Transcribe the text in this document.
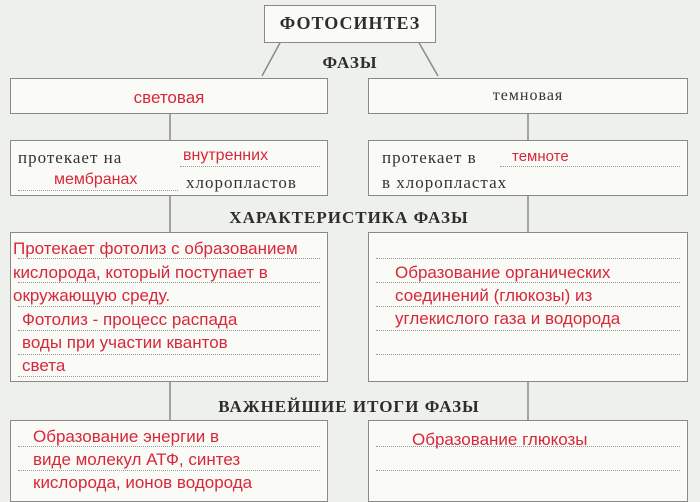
ФОТОСИНТЕЗ
ФАЗЫ
световая	темновая
протекает на	внутренних
мембранах	хлоропластов
протекает в темноте
в хлоропластах
ХАРАКТЕРИСТИКА ФАЗЫ
Протекает фотолиз с образованием
кислорода, который поступает в
окружающую среду.
Фотолиз - процесс распада
воды при участии квантов
света
Образование органических
соединений (глюкозы) из
углекислого газа и водорода
ВАЖНЕЙШИЕ ИТОГИ ФАЗЫ
Образование энергии в
виде молекул АТФ, синтез
кислорода, ионов водорода
Образование глюкозы
